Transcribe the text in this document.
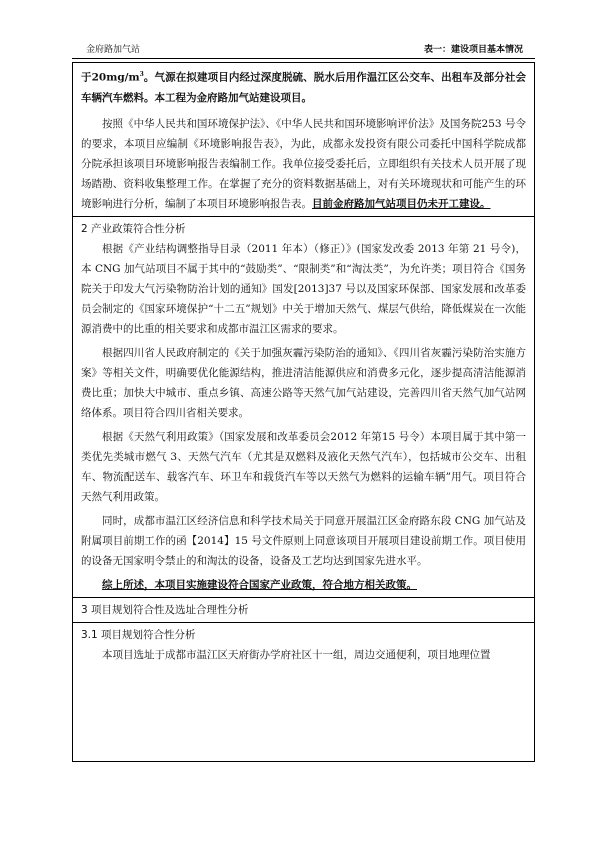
金府路加气站	表一：建设项目基本情况

于$20mg/m^3$。气源在拟建项目内经过深度脱硫、脱水后用作温江区公交车、出租车及部分社会车辆汽车燃料。本工程为金府路加气站建设项目。

按照《中华人民共和国环境保护法》、《中华人民共和国环境影响评价法》及国务院253 号令的要求，本项目应编制《环境影响报告表》，为此，成都永发投资有限公司委托中国科学院成都分院承担该项目环境影响报告表编制工作。我单位接受委托后，立即组织有关技术人员开展了现场踏勘、资料收集整理工作。在掌握了充分的资料数据基础上，对有关环境现状和可能产生的环境影响进行分析，编制了本项目环境影响报告表。目前金府路加气站项目仍未开工建设。

2 产业政策符合性分析

根据《产业结构调整指导目录（2011 年本）（修正）》(国家发改委 2013 年第 21 号令)，本 CNG 加气站项目不属于其中的“鼓励类”、“限制类”和“淘汰类”，为允许类；项目符合《国务院关于印发大气污染物防治计划的通知》国发[2013]37 号以及国家环保部、国家发展和改革委员会制定的《国家环境保护“十二五”规划》中关于增加天然气、煤层气供给，降低煤炭在一次能源消费中的比重的相关要求和成都市温江区需求的要求。

根据四川省人民政府制定的《关于加强灰霾污染防治的通知》、《四川省灰霾污染防治实施方案》等相关文件，明确要优化能源结构，推进清洁能源供应和消费多元化，逐步提高清洁能源消费比重；加快大中城市、重点乡镇、高速公路等天然气加气站建设，完善四川省天然气加气站网络体系。项目符合四川省相关要求。

根据《天然气利用政策》（国家发展和改革委员会2012 年第15 号令）本项目属于其中第一类优先类城市燃气 3、天然气汽车（尤其是双燃料及液化天然气汽车），包括城市公交车、出租车、物流配送车、载客汽车、环卫车和载货汽车等以天然气为燃料的运输车辆”用气。项目符合天然气利用政策。

同时，成都市温江区经济信息和科学技术局关于同意开展温江区金府路东段 CNG 加气站及附属项目前期工作的函【2014】15 号文件原则上同意该项目开展项目建设前期工作。项目使用的设备无国家明令禁止的和淘汰的设备，设备及工艺均达到国家先进水平。

综上所述，本项目实施建设符合国家产业政策，符合地方相关政策。

3 项目规划符合性及选址合理性分析

3.1 项目规划符合性分析

本项目选址于成都市温江区天府街办学府社区十一组，周边交通便利，项目地理位置
